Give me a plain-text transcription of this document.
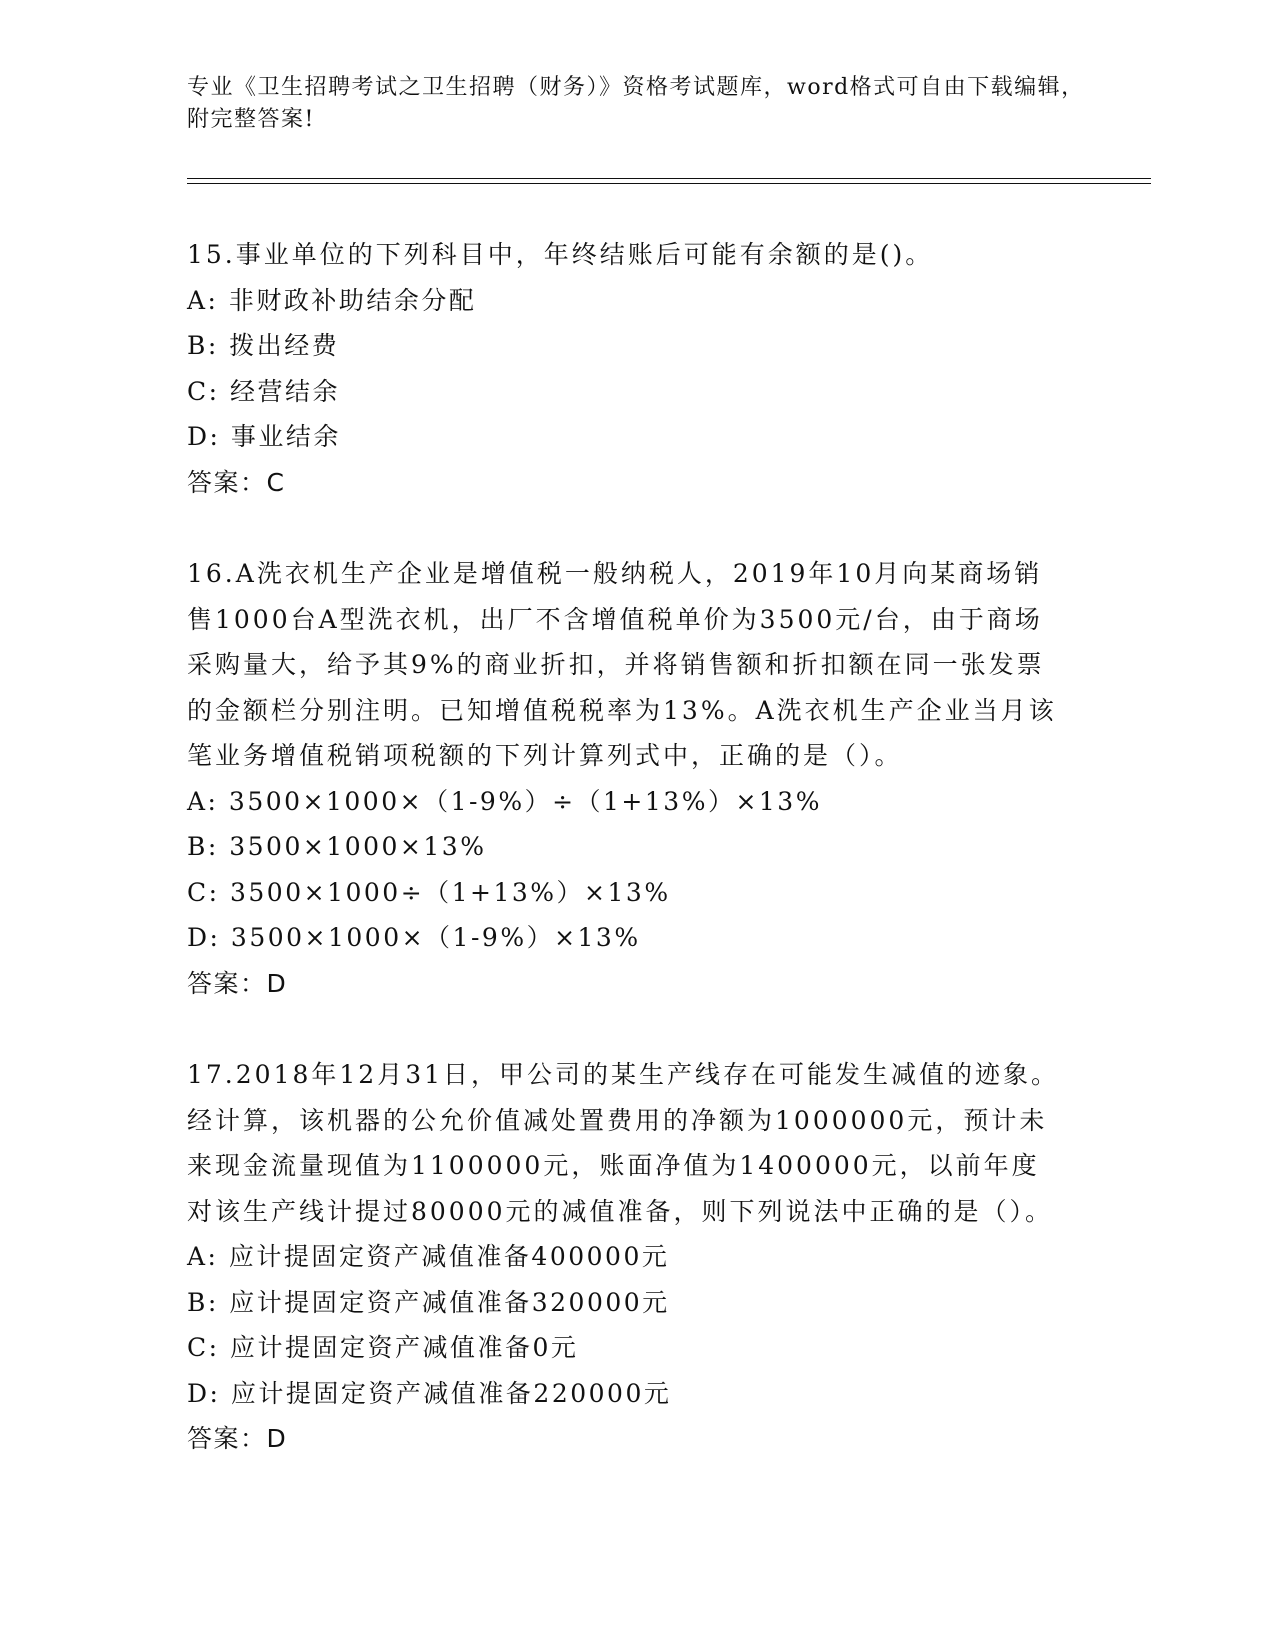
专业《卫生招聘考试之卫生招聘（财务）》资格考试题库，word格式可自由下载编辑，附完整答案!

15.事业单位的下列科目中，年终结账后可能有余额的是()。

A: 非财政补助结余分配

B: 拨出经费

C: 经营结余

D: 事业结余

答案：C

16.A洗衣机生产企业是增值税一般纳税人，2019年10月向某商场销售1000台A型洗衣机，出厂不含增值税单价为3500元/台，由于商场采购量大，给予其9%的商业折扣，并将销售额和折扣额在同一张发票的金额栏分别注明。已知增值税税率为13%。A洗衣机生产企业当月该笔业务增值税销项税额的下列计算列式中，正确的是（）。

A: 3500×1000×（1-9%）÷（1+13%）×13%

B: 3500×1000×13%

C: 3500×1000÷（1+13%）×13%

D: 3500×1000×（1-9%）×13%

答案：D

17.2018年12月31日，甲公司的某生产线存在可能发生减值的迹象。经计算，该机器的公允价值减处置费用的净额为1000000元，预计未来现金流量现值为1100000元，账面净值为1400000元，以前年度对该生产线计提过80000元的减值准备，则下列说法中正确的是（）。

A: 应计提固定资产减值准备400000元

B: 应计提固定资产减值准备320000元

C: 应计提固定资产减值准备0元

D: 应计提固定资产减值准备220000元

答案：D
